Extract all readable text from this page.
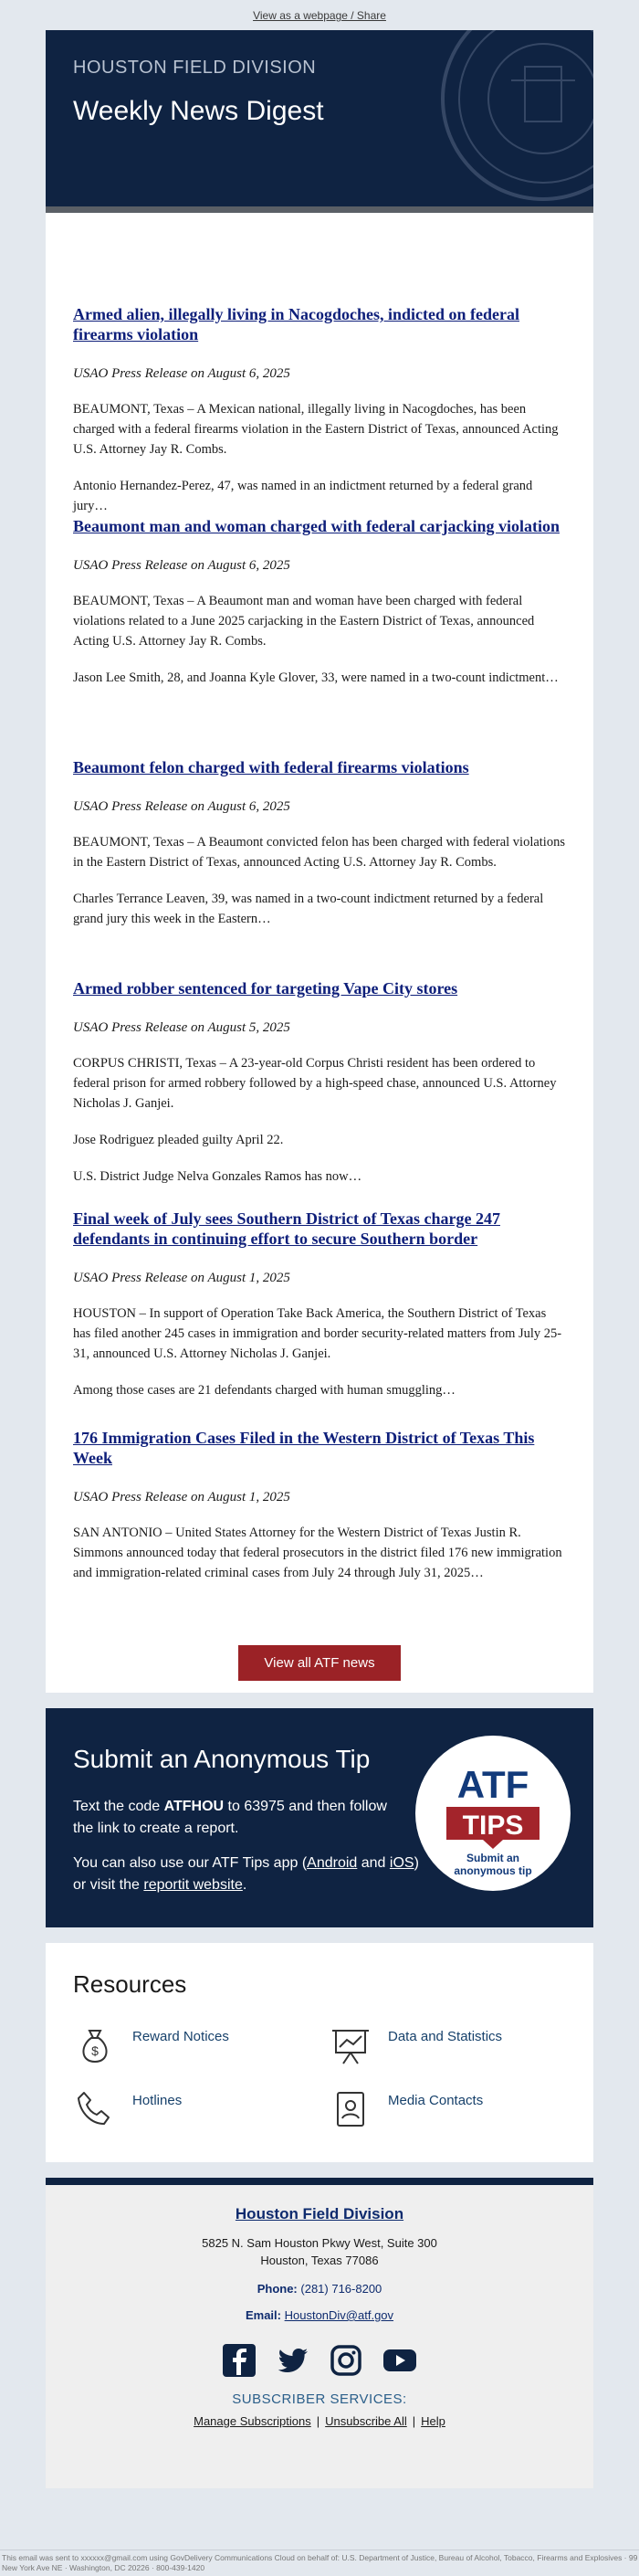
View as a webpage / Share
HOUSTON FIELD DIVISION
Weekly News Digest
Armed alien, illegally living in Nacogdoches, indicted on federal firearms violation
USAO Press Release on August 6, 2025

BEAUMONT, Texas – A Mexican national, illegally living in Nacogdoches, has been charged with a federal firearms violation in the Eastern District of Texas, announced Acting U.S. Attorney Jay R. Combs.

Antonio Hernandez-Perez, 47, was named in an indictment returned by a federal grand jury…

Beaumont man and woman charged with federal carjacking violation
USAO Press Release on August 6, 2025

BEAUMONT, Texas – A Beaumont man and woman have been charged with federal violations related to a June 2025 carjacking in the Eastern District of Texas, announced Acting U.S. Attorney Jay R. Combs.

Jason Lee Smith, 28, and Joanna Kyle Glover, 33, were named in a two-count indictment…

Beaumont felon charged with federal firearms violations
USAO Press Release on August 6, 2025

BEAUMONT, Texas – A Beaumont convicted felon has been charged with federal violations in the Eastern District of Texas, announced Acting U.S. Attorney Jay R. Combs.

Charles Terrance Leaven, 39, was named in a two-count indictment returned by a federal grand jury this week in the Eastern…

Armed robber sentenced for targeting Vape City stores
USAO Press Release on August 5, 2025

CORPUS CHRISTI, Texas – A 23-year-old Corpus Christi resident has been ordered to federal prison for armed robbery followed by a high-speed chase, announced U.S. Attorney Nicholas J. Ganjei.

Jose Rodriguez pleaded guilty April 22.

U.S. District Judge Nelva Gonzales Ramos has now…

Final week of July sees Southern District of Texas charge 247 defendants in continuing effort to secure Southern border
USAO Press Release on August 1, 2025

HOUSTON – In support of Operation Take Back America, the Southern District of Texas has filed another 245 cases in immigration and border security-related matters from July 25-31, announced U.S. Attorney Nicholas J. Ganjei.

Among those cases are 21 defendants charged with human smuggling…

176 Immigration Cases Filed in the Western District of Texas This Week
USAO Press Release on August 1, 2025

SAN ANTONIO – United States Attorney for the Western District of Texas Justin R. Simmons announced today that federal prosecutors in the district filed 176 new immigration and immigration-related criminal cases from July 24 through July 31, 2025…

View all ATF news
Submit an Anonymous Tip
Text the code ATFHOU to 63975 and then follow the link to create a report.
You can also use our ATF Tips app (Android and iOS) or visit the reportit website.
ATF
TIPS
Submit an
anonymous tip
Resources
$
Reward Notices	Data and Statistics
Hotlines	Media Contacts
Houston Field Division
5825 N. Sam Houston Pkwy West, Suite 300
Houston, Texas 77086
Phone: (281) 716-8200
Email: HoustonDiv@atf.gov

SUBSCRIBER SERVICES:
Manage Subscriptions | Unsubscribe All | Help
This email was sent to xxxxxx@gmail.com using GovDelivery Communications Cloud on behalf of: U.S. Department of Justice, Bureau of Alcohol, Tobacco, Firearms and Explosives · 99 New York Ave NE · Washington, DC 20226 · 800-439-1420
